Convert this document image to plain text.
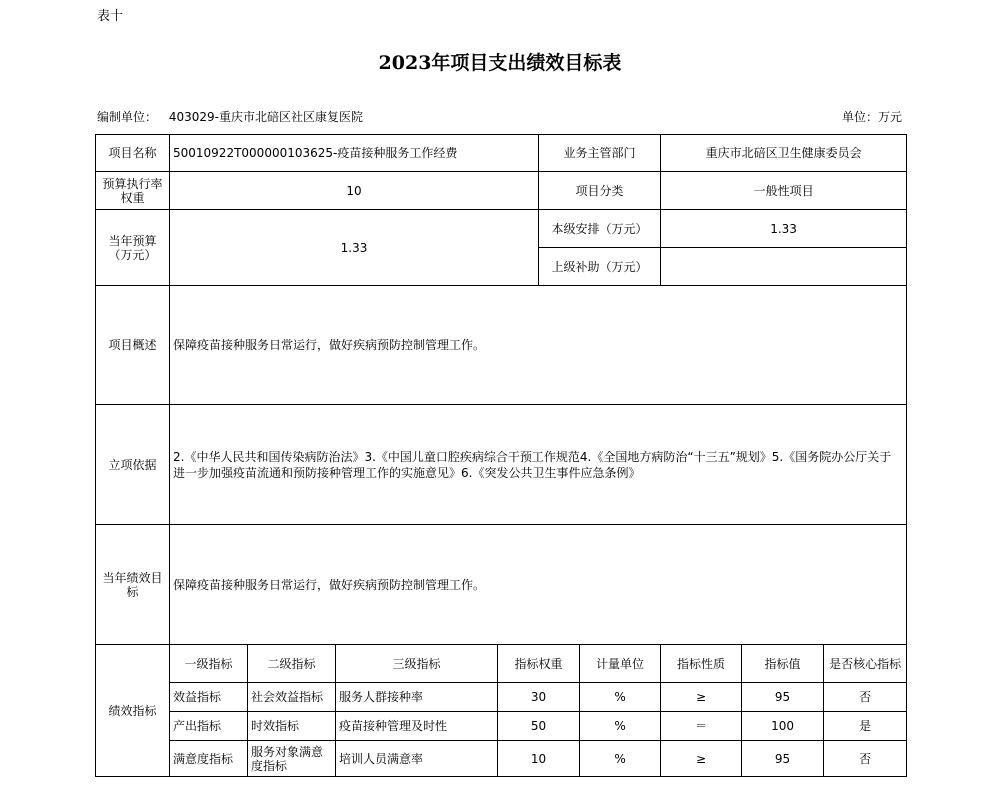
表十
2023年项目支出绩效目标表
编制单位： 403029-重庆市北碚区社区康复医院	单位：万元
项目名称	50010922T000000103625-疫苗接种服务工作经费				业务主管部门		重庆市北碚区卫生健康委员会		
预算执行率权重	10				项目分类		一般性项目		
当年预算（万元）	1.33				本级安排（万元）		1.33		
					上级补助（万元）				
项目概述	保障疫苗接种服务日常运行，做好疾病预防控制管理工作。								
立项依据	2.《中华人民共和国传染病防治法》3.《中国儿童口腔疾病综合干预工作规范4.《全国地方病防治“十三五”规划》5.《国务院办公厅关于进一步加强疫苗流通和预防接种管理工作的实施意见》6.《突发公共卫生事件应急条例》								
当年绩效目标	保障疫苗接种服务日常运行，做好疾病预防控制管理工作。								
绩效指标	一级指标	二级指标	三级指标	指标权重		计量单位	指标性质	指标值	是否核心指标
	效益指标	社会效益指标	服务人群接种率	30		%	≥	95	否
	产出指标	时效指标	疫苗接种管理及时性	50		%	＝	100	是
	满意度指标	服务对象满意度指标	培训人员满意率	10		%	≥	95	否
